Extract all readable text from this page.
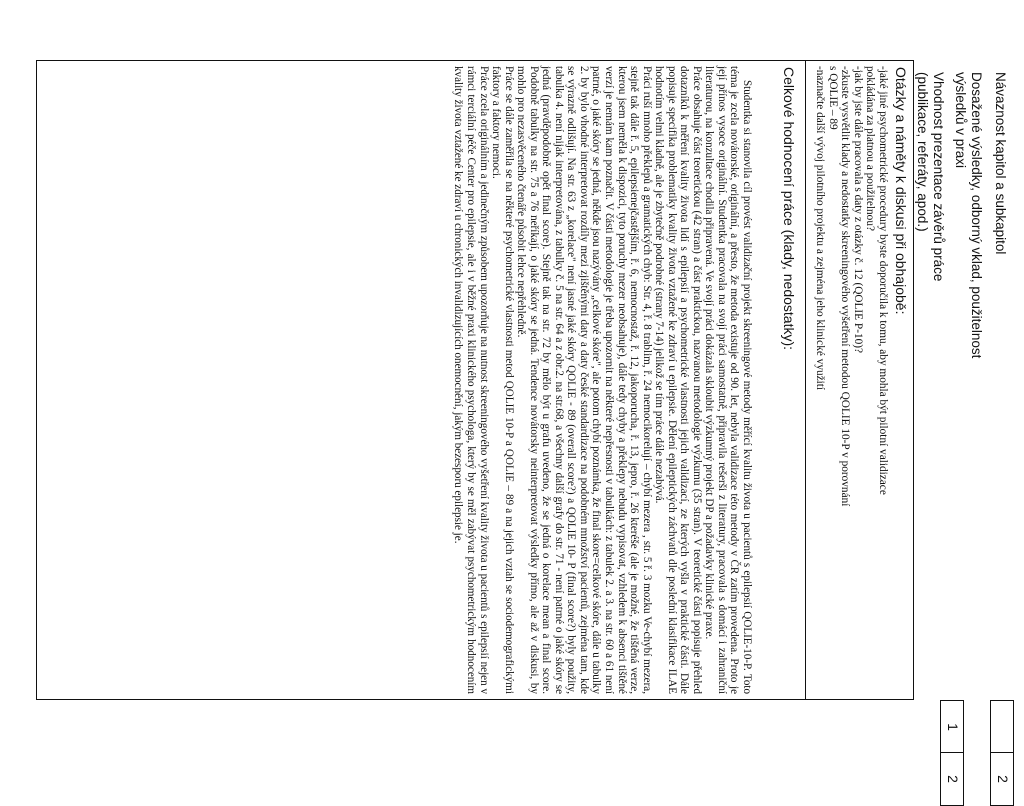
Návaznost kapitol a subkapitol
Dosažené výsledky, odborný vklad, použitelnost
výsledků v praxi
Vhodnost prezentace závěrů práce
(publikace, referáty, apod.)
2
1
2
Otázky a náměty k diskusi při obhajobě:
-jaké jiné psychometrické procedury byste doporučila k tomu, aby mohla být pilotní validizace
pokládána za platnou a použitelnou?
-jak by jste dále pracovala s daty z otázky č. 12 (QOLIE P-10)?
-zkuste vysvětlit klady a nedostatky skreeningového vyšetření metodou QOLIE 10-P v porovnání
s QOLIE – 89
-naznačte další vývoj pilotního projektu a zejména jeho klinické využití
Celkové hodnocení práce (klady, nedostatky):
Studentka si stanovila cíl provést validizační projekt skreeningové metody měřící kvalitu života u pacientů s epilepsií QOLIE-10-P. Toto téma je zcela novátorské, originální, a přesto, že metoda existuje od 90. let, nebyla validizace této metody v ČR zatím provedena. Proto je její přínos vysoce originální. Studentka pracovala na svojí práci samostatně, připravila rešerši z literatury, pracovala s domácí i zahraniční literaturou, na konzultace chodila připravená. Ve svojí práci dokázala skloubit výzkumný projekt DP a požadavky klinické praxe.
Práce obsahuje část teoretickou (42 stran) a část praktickou, nazvanou metodologie výzkumu (35 stran). V teoretické části popisuje přehled dotazníků k měření kvality života lidí s epilepsií a psychometrické vlastnosti jejich validizací, ze kterých vyšla v praktické části. Dále popisuje specifika problematiky kvality života vztažené ke zdraví u epilepsie. Dělení epileptických záchvatů dle poslední klasifikace ILAE hodnotím velmi kladně, ale je zbytečně podrobné (strany 7-14) jelikož se tím práce dále nezabývá.
Práci ruší mnoho překlepů a gramatických chyb: Str. 4, ř. 8 trablim, ř. 24 nemocikorelují – chybí mezera , str. 5 ř. 3 mozku Ve-chybí mezera, stejně tak dále ř. 5, epilepsienejčastějším, ř. 6, nemocnostaž, ř. 12, jakoporucha, ř. 13, jepro, ř. 26 kteréše (ale je možné, že tištěná verze, kterou jsem neměla k dispozici, tyto poruchy mezer neobsahuje), dále tedy chyby a překlepy nebudu vypisovat, vzhledem k absenci tištěné verzí je nemám kam poznačit. V části metodologie je třeba upozornit na některé nepřesnosti v tabulkách: z tabulek 2. a 3. na str. 60 a 61 není patrné, o jaké skóry se jedná, někde jsou nazývány „celkové skóre", ale potom chybí poznámka, že final skore=celkové skóre, dále u tabulky 2. by bylo vhodné interpretovat rozdíly mezi zjištěnými daty a daty české standardizace na podobném množství pacientů, zejména tam, kde se výrazně odlišují. Na str. 63 z „korelace" není jasné jaké skóry QOLIE - 89 (overall score?) a QOLIE 10- P (final score?) byly použity, tabulka 4. není nijak interpretována, z tabulky č. 5 na str. 64 a z obr.2. na str.68, a všechny další grafy do str. 71 - není patrné o jaké skóry se jedná (pravděpodobně opět final score). Stejně tak na str. 72 by mělo být u grafu uvedeno, že se jedná o korelace mean a final score. Podobně tabulky na str. 75 a 76 neříkají, o jaké skóry se jedná. Tendence novátorsky neinterpretovat výsledky přímo, ale až v diskusi, by mohlo pro nezasvěceného čtenáře působit lehce nepřehledně.
Práce se dále zaměřila se na některé psychometrické vlastnosti metod QOLIE 10-P a QOLIE – 89 a na jejich vztah se sociodemografickými faktory a faktory nemoci.
Práce zcela originálním a jedinečným způsobem upozorňuje na nutnost skreeningového vyšetření kvality života u pacientů s epilepsií nejen v rámci terciální péče Center pro epilepsie, ale i v běžné praxi klinického psychologa, který by se měl zabývat psychometrickým hodnocením kvality života vztažené ke zdraví u chronických invalidizujících onemocnění, jakým bezesporu epilepsie je.
